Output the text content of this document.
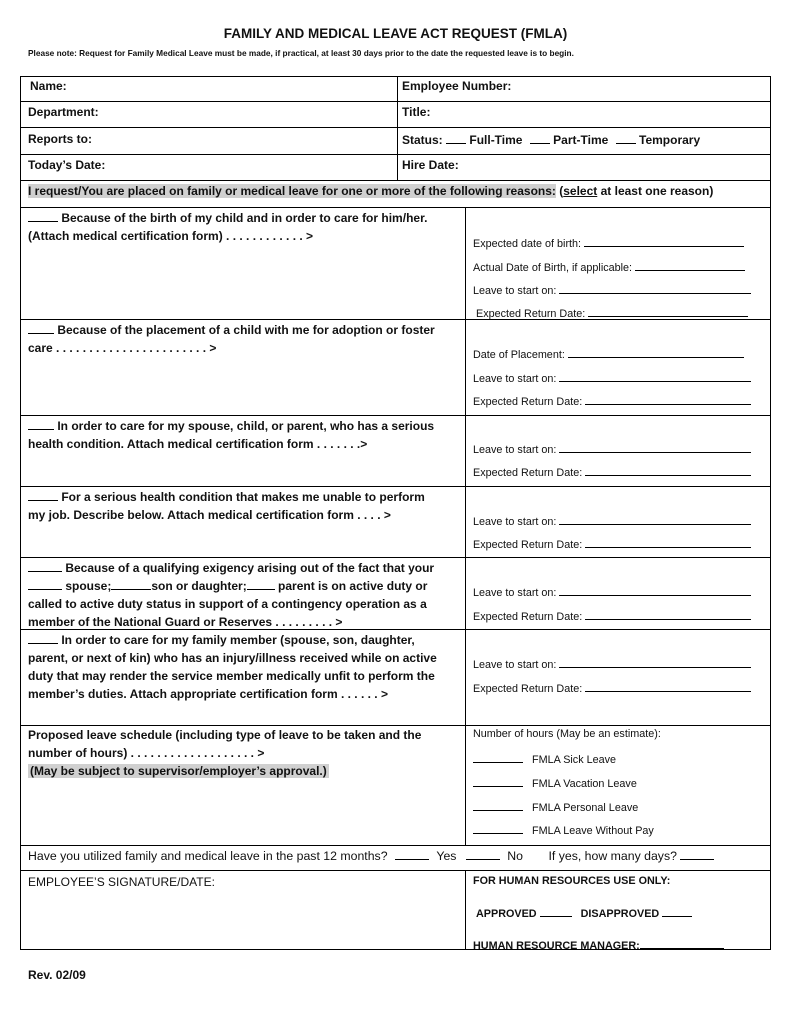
FAMILY AND MEDICAL LEAVE ACT REQUEST (FMLA)
Please note: Request for Family Medical Leave must be made, if practical, at least 30 days prior to the date the requested leave is to begin.
Name:	Employee Number:
Department:	Title:
Reports to:	Status: Full-Time	Part-Time	Temporary
Today’s Date:	Hire Date:
I request/You are placed on family or medical leave for one or more of the following reasons: (select at least one reason)
Because of the birth of my child and in order to care for him/her.
(Attach medical certification form) . . . . . . . . . . . . >
Expected date of birth:
Actual Date of Birth, if applicable:
Leave to start on:
Expected Return Date:
Because of the placement of a child with me for adoption or foster
care . . . . . . . . . . . . . . . . . . . . . . . >	Date of Placement:
Leave to start on:
Expected Return Date:
In order to care for my spouse, child, or parent, who has a serious
health condition. Attach medical certification form . . . . . . .>	Leave to start on:
Expected Return Date:
For a serious health condition that makes me unable to perform
my job. Describe below. Attach medical certification form . . . . >	Leave to start on:
Expected Return Date:
Because of a qualifying exigency arising out of the fact that your
spouse;	son or daughter;	parent is on active duty or
called to active duty status in support of a contingency operation as a
member of the National Guard or Reserves . . . . . . . . . >
Leave to start on:
Expected Return Date:
In order to care for my family member (spouse, son, daughter,
parent, or next of kin) who has an injury/illness received while on active
duty that may render the service member medically unfit to perform the
member’s duties. Attach appropriate certification form . . . . . . >
Leave to start on:
Expected Return Date:
Proposed leave schedule (including type of leave to be taken and the
number of hours) . . . . . . . . . . . . . . . . . . . >
(May be subject to supervisor/employer’s approval.)
Number of hours (May be an estimate):
FMLA Sick Leave
FMLA Vacation Leave
FMLA Personal Leave
FMLA Leave Without Pay
Have you utilized family and medical leave in the past 12 months?	Yes	No If yes, how many days?
EMPLOYEE’S SIGNATURE/DATE:	FOR HUMAN RESOURCES USE ONLY:
APPROVED	DISAPPROVED
HUMAN RESOURCE MANAGER:
Rev. 02/09
